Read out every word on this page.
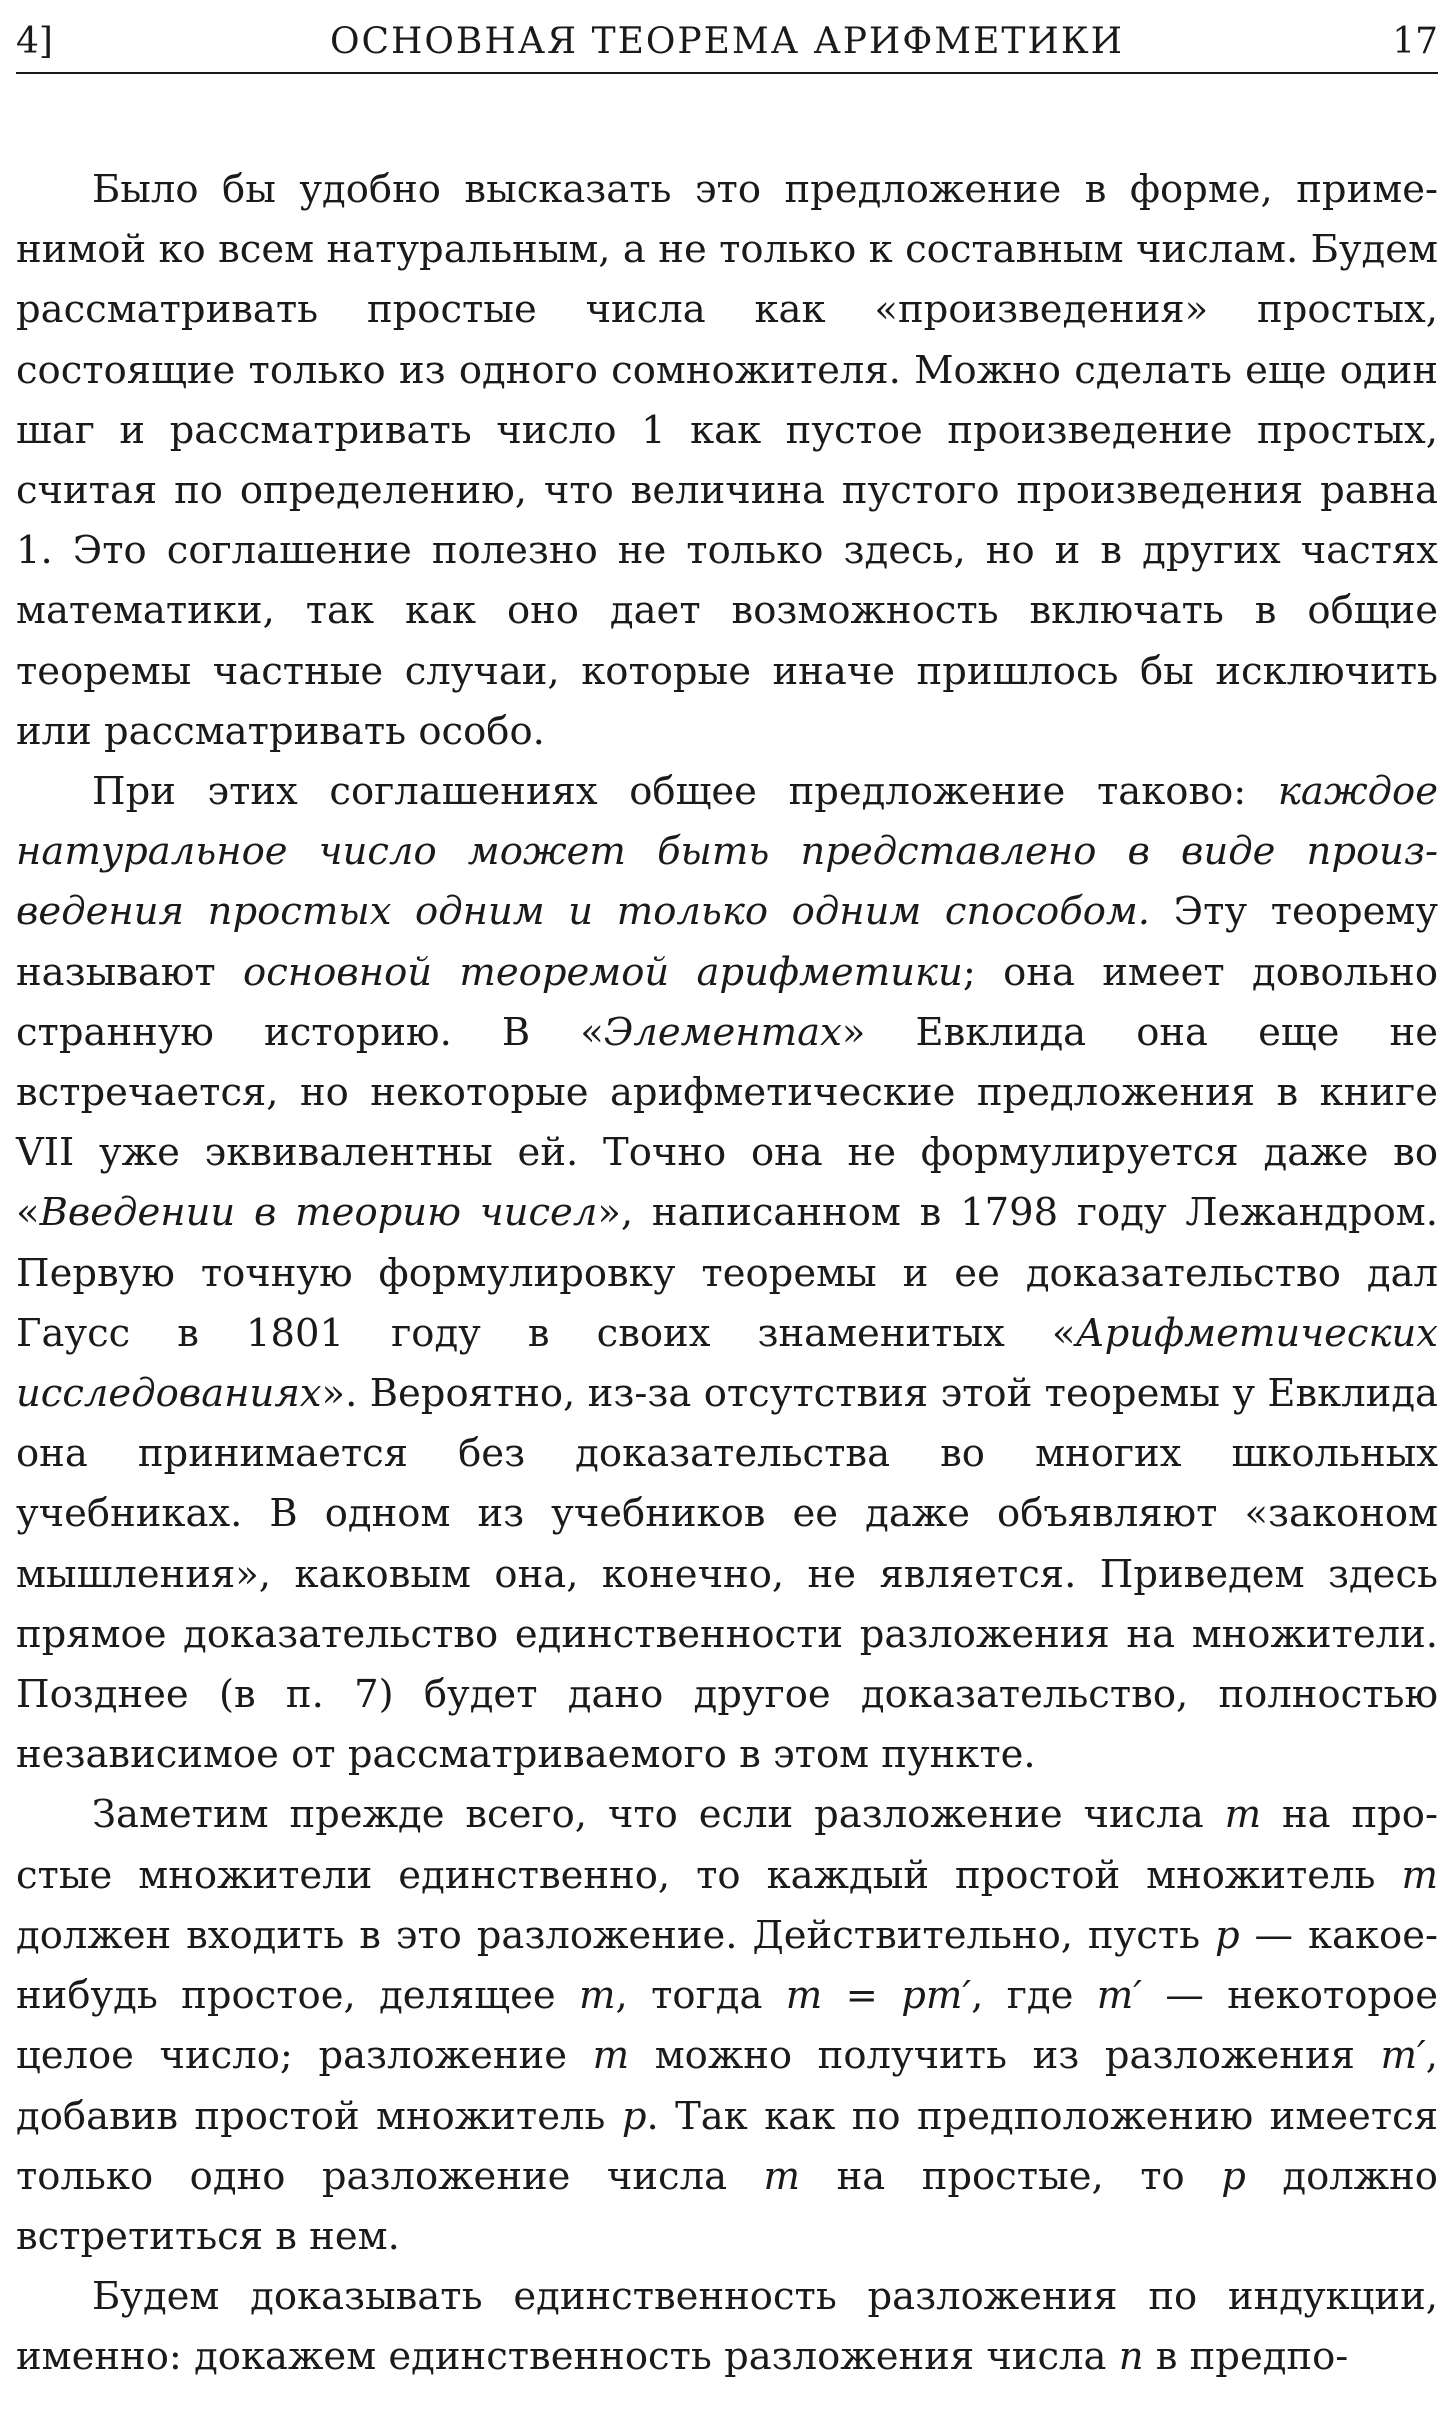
4]	ОСНОВНАЯ ТЕОРЕМА АРИФМЕТИКИ	17

Было бы удобно высказать это предложение в форме, применимой ко всем натуральным, а не только к составным числам. Будем рассматривать простые числа как «произведения» простых, состоящие только из одного сомножителя. Можно сделать еще один шаг и рассматривать число 1 как пустое произведение простых, считая по определению, что величина пустого произведения равна 1. Это соглашение полезно не только здесь, но и в других частях математики, так как оно дает возможность включать в общие теоремы частные случаи, которые иначе пришлось бы исключить или рассматривать особо.

При этих соглашениях общее предложение таково: каждое натуральное число может быть представлено в виде произведения простых одним и только одним способом. Эту теорему называют основной теоремой арифметики; она имеет довольно странную историю. В «Элементах» Евклида она еще не встречается, но некоторые арифметические предложения в книге VII уже эквивалентны ей. Точно она не формулируется даже во «Введении в теорию чисел», написанном в 1798 году Лежандром. Первую точную формулировку теоремы и ее доказательство дал Гаусс в 1801 году в своих знаменитых «Арифметических исследованиях». Вероятно, из-за отсутствия этой теоремы у Евклида она принимается без доказательства во многих школьных учебниках. В одном из учебников ее даже объявляют «законом мышления», каковым она, конечно, не является. Приведем здесь прямое доказательство единственности разложения на множители. Позднее (в п. 7) будет дано другое доказательство, полностью независимое от рассматриваемого в этом пункте.

Заметим прежде всего, что если разложение числа m на простые множители единственно, то каждый простой множитель m должен входить в это разложение. Действительно, пусть p — какое-нибудь простое, делящее m, тогда m = pm′, где m′ — некоторое целое число; разложение m можно получить из разложения m′, добавив простой множитель p. Так как по предположению имеется только одно разложение числа m на простые, то p должно встретиться в нем.

Будем доказывать единственность разложения по индукции, именно: докажем единственность разложения числа n в предпо-
